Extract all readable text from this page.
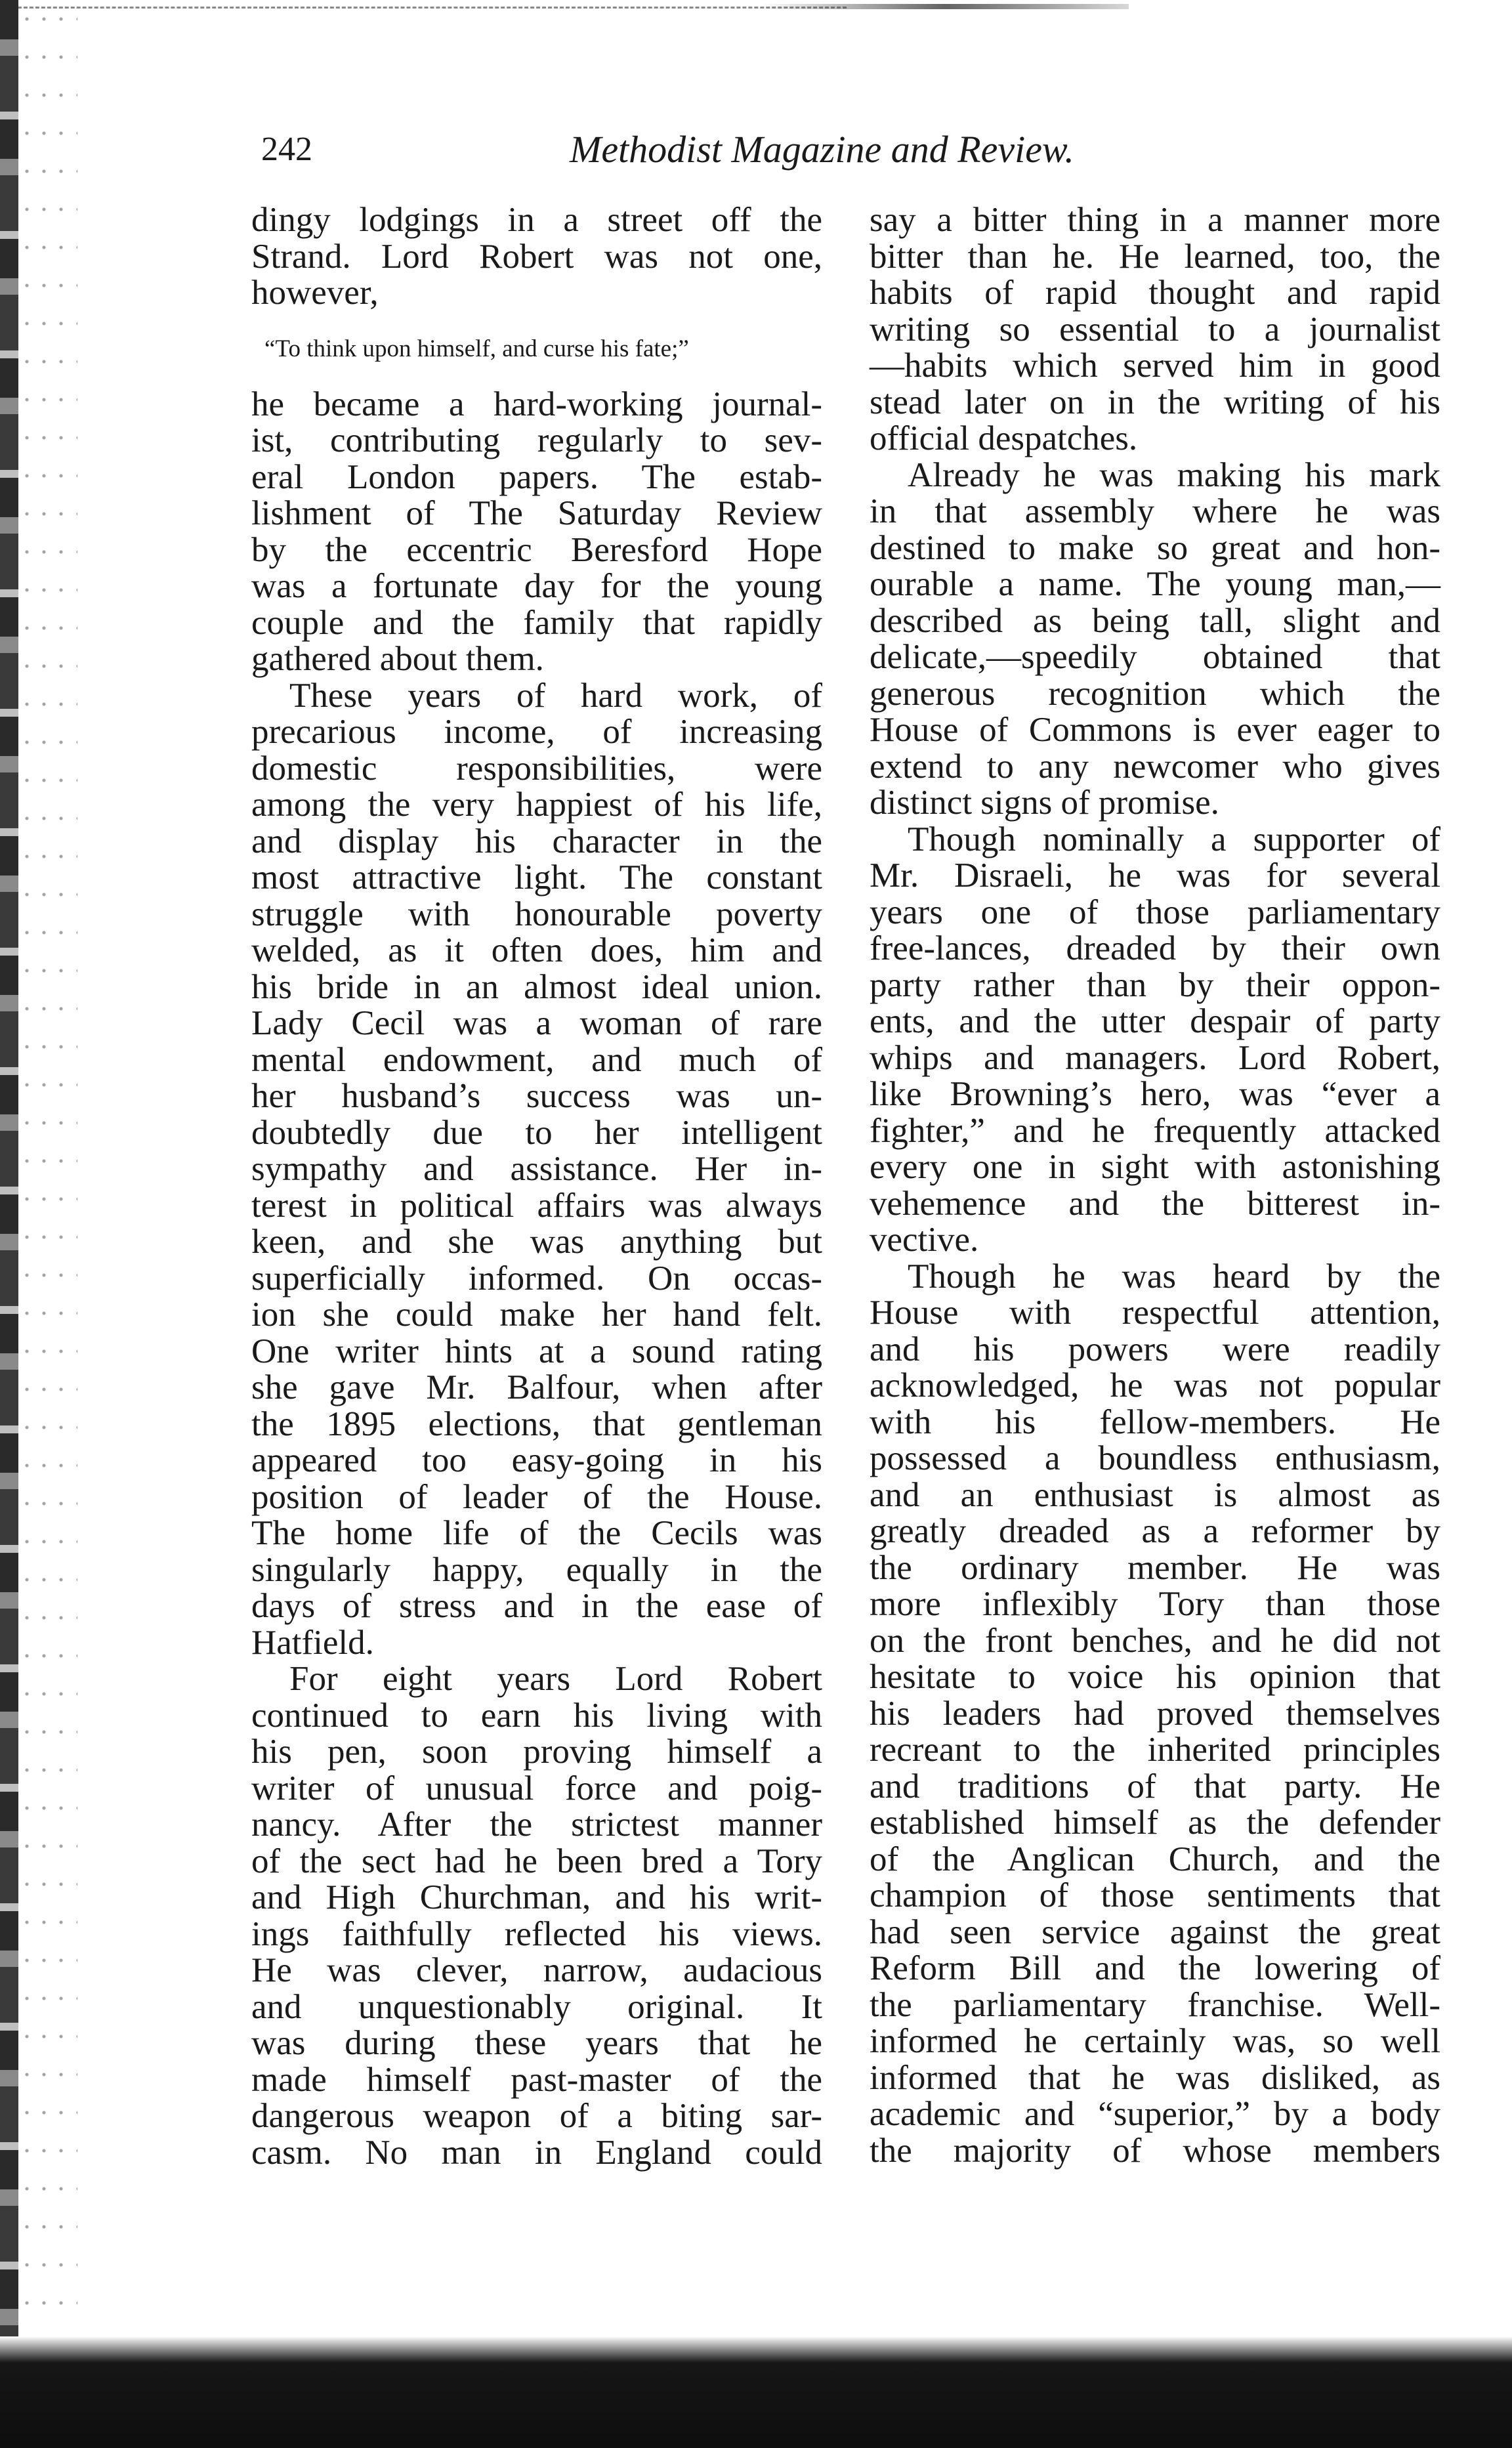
242	Methodist Magazine and Review.
dingy lodgings in a street off the
Strand. Lord Robert was not one,
however,
“To think upon himself, and curse his fate;”
he became a hard-working journal-
ist, contributing regularly to sev-
eral London papers. The estab-
lishment of The Saturday Review
by the eccentric Beresford Hope
was a fortunate day for the young
couple and the family that rapidly
gathered about them.
These years of hard work, of
precarious income, of increasing
domestic responsibilities, were
among the very happiest of his life,
and display his character in the
most attractive light. The constant
struggle with honourable poverty
welded, as it often does, him and
his bride in an almost ideal union.
Lady Cecil was a woman of rare
mental endowment, and much of
her husband’s success was un-
doubtedly due to her intelligent
sympathy and assistance. Her in-
terest in political affairs was always
keen, and she was anything but
superficially informed. On occas-
ion she could make her hand felt.
One writer hints at a sound rating
she gave Mr. Balfour, when after
the 1895 elections, that gentleman
appeared too easy-going in his
position of leader of the House.
The home life of the Cecils was
singularly happy, equally in the
days of stress and in the ease of
Hatfield.
For eight years Lord Robert
continued to earn his living with
his pen, soon proving himself a
writer of unusual force and poig-
nancy. After the strictest manner
of the sect had he been bred a Tory
and High Churchman, and his writ-
ings faithfully reflected his views.
He was clever, narrow, audacious
and unquestionably original. It
was during these years that he
made himself past-master of the
dangerous weapon of a biting sar-
casm. No man in England could
say a bitter thing in a manner more
bitter than he. He learned, too, the
habits of rapid thought and rapid
writing so essential to a journalist
—habits which served him in good
stead later on in the writing of his
official despatches.
Already he was making his mark
in that assembly where he was
destined to make so great and hon-
ourable a name. The young man,—
described as being tall, slight and
delicate,—speedily obtained that
generous recognition which the
House of Commons is ever eager to
extend to any newcomer who gives
distinct signs of promise.
Though nominally a supporter of
Mr. Disraeli, he was for several
years one of those parliamentary
free-lances, dreaded by their own
party rather than by their oppon-
ents, and the utter despair of party
whips and managers. Lord Robert,
like Browning’s hero, was “ever a
fighter,” and he frequently attacked
every one in sight with astonishing
vehemence and the bitterest in-
vective.
Though he was heard by the
House with respectful attention,
and his powers were readily
acknowledged, he was not popular
with his fellow-members. He
possessed a boundless enthusiasm,
and an enthusiast is almost as
greatly dreaded as a reformer by
the ordinary member. He was
more inflexibly Tory than those
on the front benches, and he did not
hesitate to voice his opinion that
his leaders had proved themselves
recreant to the inherited principles
and traditions of that party. He
established himself as the defender
of the Anglican Church, and the
champion of those sentiments that
had seen service against the great
Reform Bill and the lowering of
the parliamentary franchise. Well-
informed he certainly was, so well
informed that he was disliked, as
academic and “superior,” by a body
the majority of whose members
